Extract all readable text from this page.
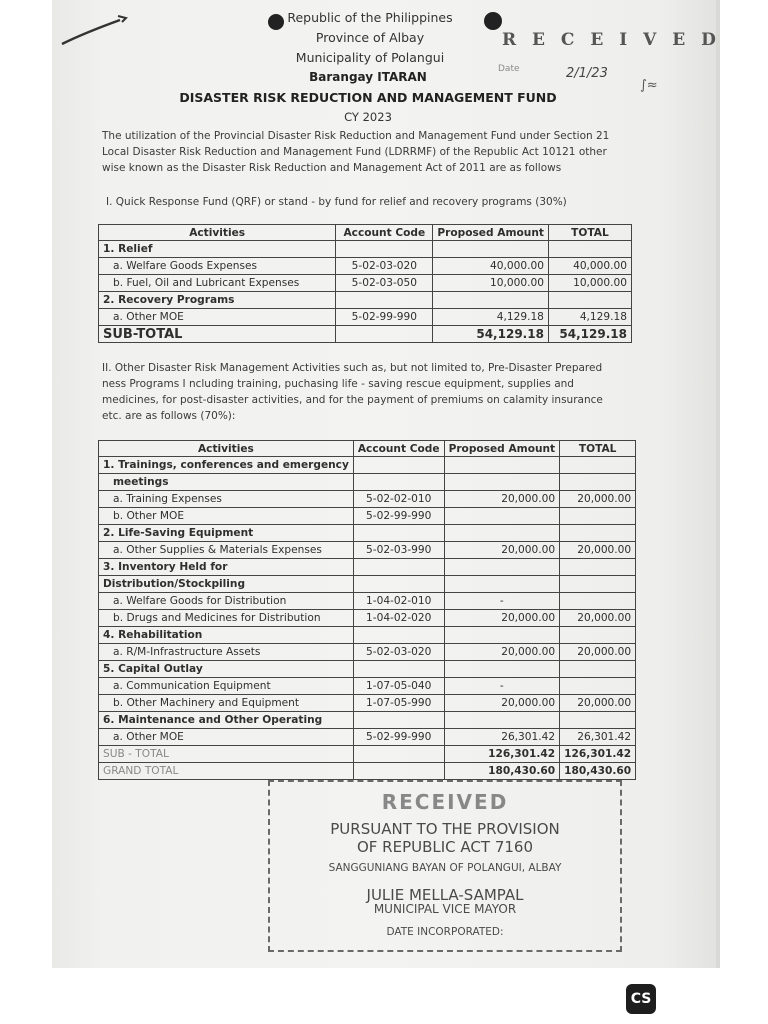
Republic of the Philippines
Province of Albay
Municipality of Polangui
Barangay ITARAN
DISASTER RISK REDUCTION AND MANAGEMENT FUND
CY 2023
R E C E I V E D
Date	2/1/23
∫≈
The utilization of the Provincial Disaster Risk Reduction and Management Fund under Section 21
Local Disaster Risk Reduction and Management Fund (LDRRMF) of the Republic Act 10121 other
wise known as the Disaster Risk Reduction and Management Act of 2011 are as follows
I. Quick Response Fund (QRF) or stand - by fund for relief and recovery programs (30%)
Activities	Account Code	Proposed Amount	TOTAL
1. Relief			
a. Welfare Goods Expenses	5-02-03-020	40,000.00	40,000.00
b. Fuel, Oil and Lubricant Expenses	5-02-03-050	10,000.00	10,000.00
2. Recovery Programs			
a. Other MOE	5-02-99-990	4,129.18	4,129.18
SUB-TOTAL		54,129.18	54,129.18
II. Other Disaster Risk Management Activities such as, but not limited to, Pre-Disaster Prepared
ness Programs I ncluding training, puchasing life - saving rescue equipment, supplies and
medicines, for post-disaster activities, and for the payment of premiums on calamity insurance
etc. are as follows (70%):
Activities	Account Code	Proposed Amount	TOTAL
1. Trainings, conferences and emergency			
meetings			
a. Training Expenses	5-02-02-010	20,000.00	20,000.00
b. Other MOE	5-02-99-990		
2. Life-Saving Equipment			
a. Other Supplies & Materials Expenses	5-02-03-990	20,000.00	20,000.00
3. Inventory Held for			
Distribution/Stockpiling			
a. Welfare Goods for Distribution	1-04-02-010	-	
b. Drugs and Medicines for Distribution	1-04-02-020	20,000.00	20,000.00
4. Rehabilitation			
a. R/M-Infrastructure Assets	5-02-03-020	20,000.00	20,000.00
5. Capital Outlay			
a. Communication Equipment	1-07-05-040	-	
b. Other Machinery and Equipment	1-07-05-990	20,000.00	20,000.00
6. Maintenance and Other Operating			
a. Other MOE	5-02-99-990	26,301.42	26,301.42
SUB - TOTAL		126,301.42	126,301.42
GRAND TOTAL		180,430.60	180,430.60
RECEIVED
PURSUANT TO THE PROVISION
OF REPUBLIC ACT 7160
SANGGUNIANG BAYAN OF POLANGUI, ALBAY
JULIE MELLA-SAMPAL
MUNICIPAL VICE MAYOR
DATE INCORPORATED:
CS
